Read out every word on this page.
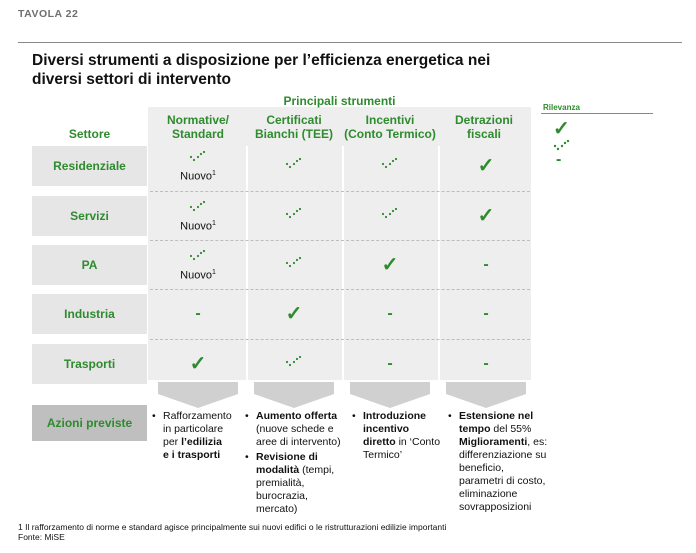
TAVOLA 22
Diversi strumenti a disposizione per l’efficienza energetica nei
diversi settori di intervento
Principali strumenti
Settore
Normative/
Standard
Certificati
Bianchi (TEE)
Incentivi
(Conto Termico)
Detrazioni
fiscali
Residenziale
Servizi
PA
Industria
Trasporti
Nuovo$^1$	✓
Nuovo$^1$	✓
Nuovo$^1$	✓	-
-	✓	-	-
✓	-	-
Rilevanza
✓
-
Azioni previste
•	Rafforzamento
in particolare
per l’edilizia
e i trasporti
• Aumento offerta
(nuove schede e
aree di intervento)
• Revisione di
modalità (tempi,
premialità,
burocrazia,
mercato)
• Introduzione
incentivo
diretto in ‘Conto
Termico’
• Estensione nel
tempo del 55%
Miglioramenti, es:
differenziazione su
beneficio,
parametri di costo,
eliminazione
sovrapposizioni
1 Il rafforzamento di norme e standard agisce principalmente sui nuovi edifici o le ristrutturazioni edilizie importanti
Fonte: MiSE
